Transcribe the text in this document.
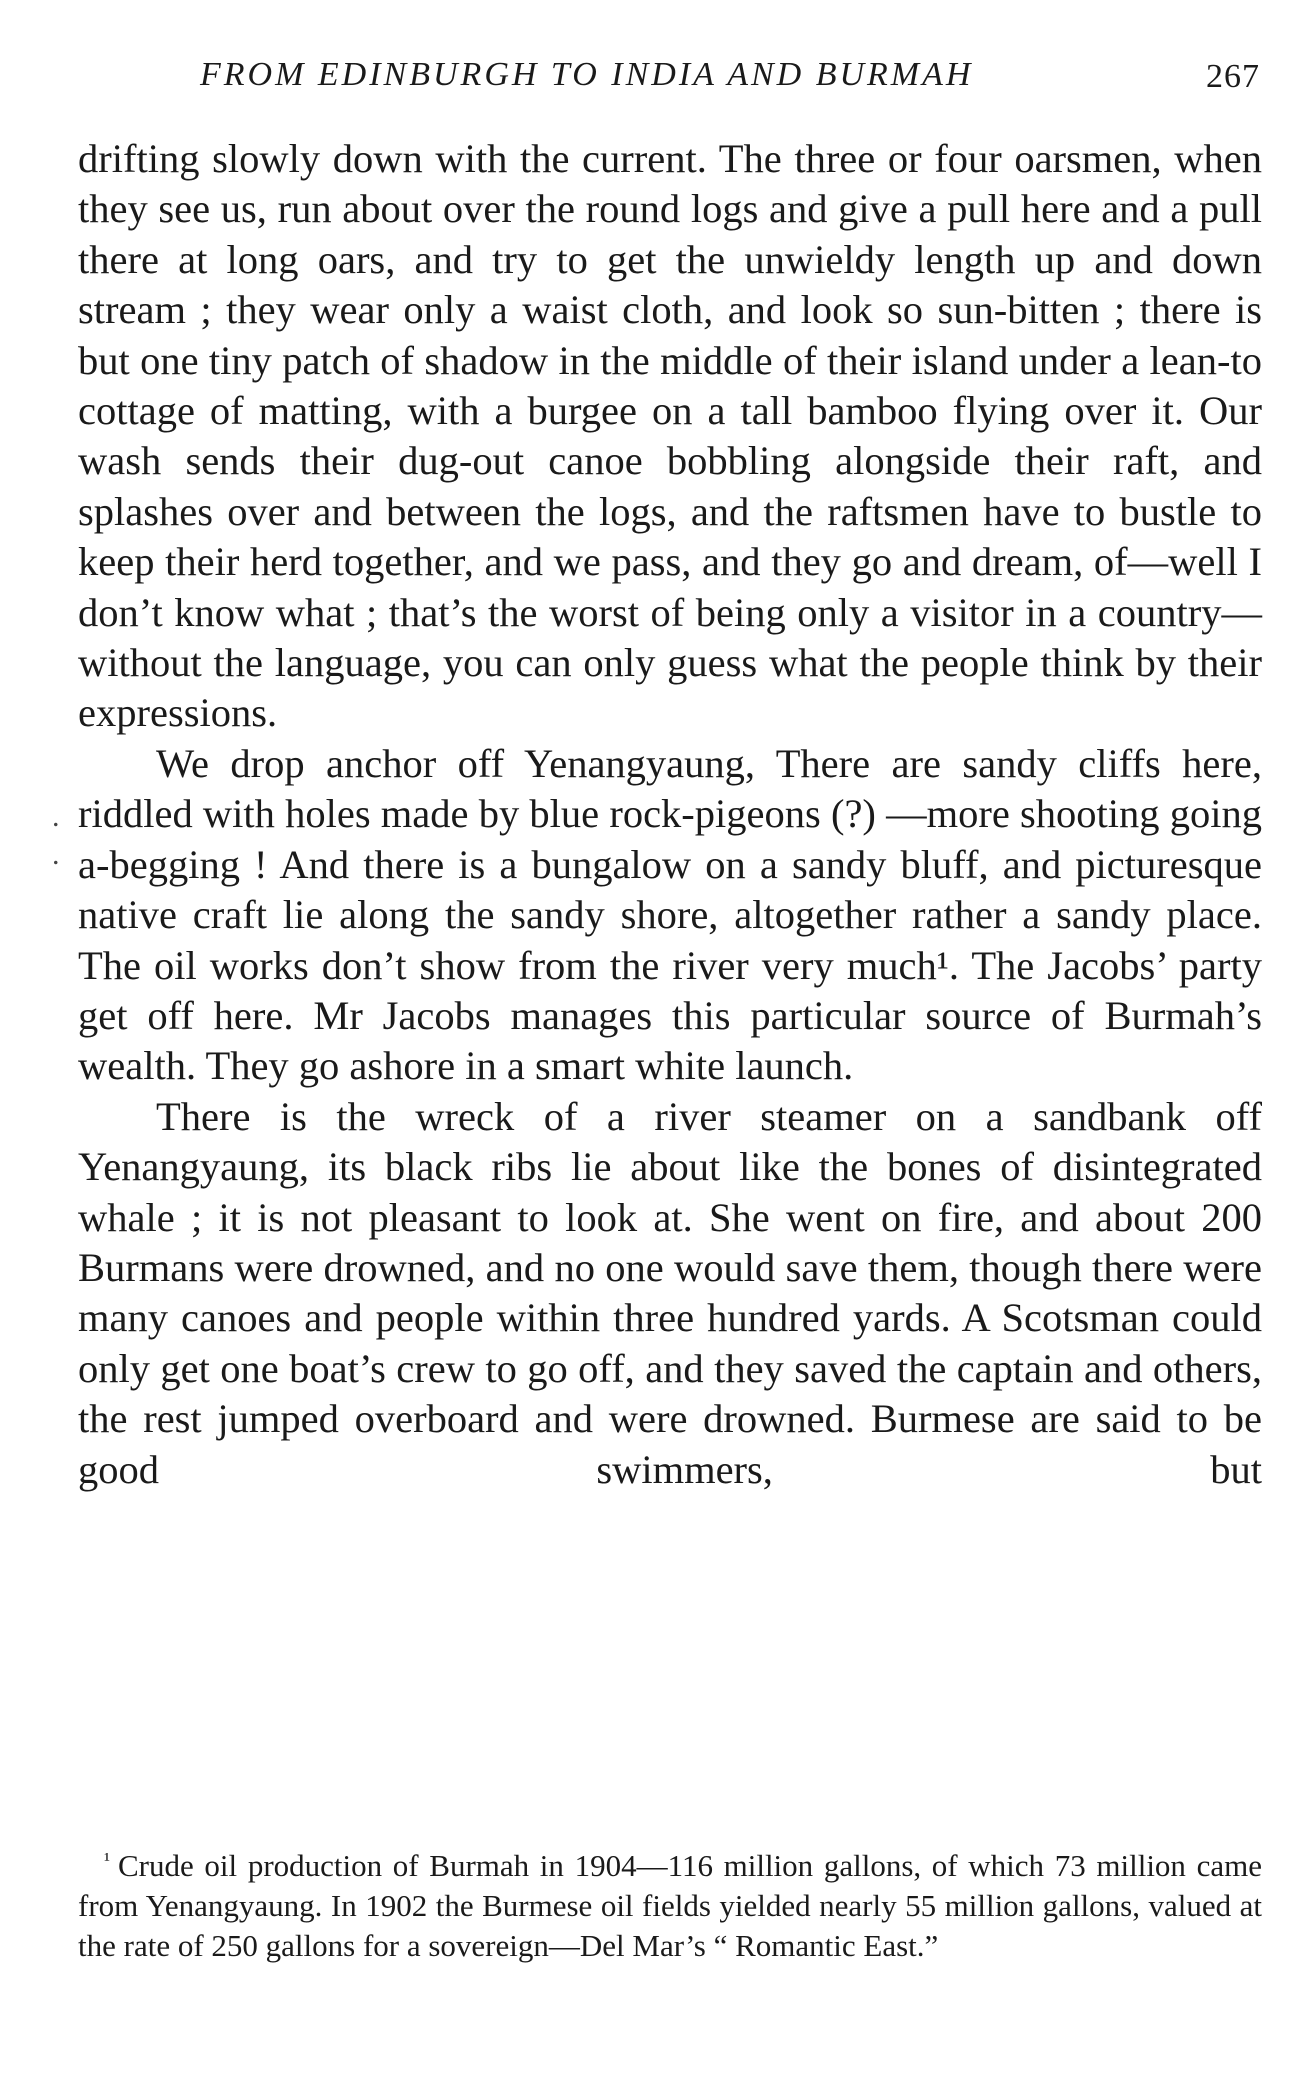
FROM EDINBURGH TO INDIA AND BURMAH	267

drifting slowly down with the current. The three or four oarsmen, when they see us, run about over the round logs and give a pull here and a pull there at long oars, and try to get the unwieldy length up and down stream ; they wear only a waist cloth, and look so sun-bitten ; there is but one tiny patch of shadow in the middle of their island under a lean-to cottage of matting, with a burgee on a tall bamboo flying over it. Our wash sends their dug-out canoe bobbling alongside their raft, and splashes over and between the logs, and the raftsmen have to bustle to keep their herd together, and we pass, and they go and dream, of—well I don’t know what ; that’s the worst of being only a visitor in a country—without the language, you can only guess what the people think by their expressions.

We drop anchor off Yenangyaung, There are sandy cliffs here, riddled with holes made by blue rock-pigeons (?) —more shooting going a-begging ! And there is a bungalow on a sandy bluff, and picturesque native craft lie along the sandy shore, altogether rather a sandy place. The oil works don’t show from the river very much¹. The Jacobs’ party get off here. Mr Jacobs manages this particular source of Burmah’s wealth. They go ashore in a smart white launch.

There is the wreck of a river steamer on a sandbank off Yenangyaung, its black ribs lie about like the bones of disintegrated whale ; it is not pleasant to look at. She went on fire, and about 200 Burmans were drowned, and no one would save them, though there were many canoes and people within three hundred yards. A Scotsman could only get one boat’s crew to go off, and they saved the captain and others, the rest jumped overboard and were drowned. Burmese are said to be good swimmers, but

.
.

$^{^1}$ Crude oil production of Burmah in 1904—116 million gallons, of which 73 million came from Yenangyaung. In 1902 the Burmese oil fields yielded nearly 55 million gallons, valued at the rate of 250 gallons for a sovereign—Del Mar’s “ Romantic East.”
